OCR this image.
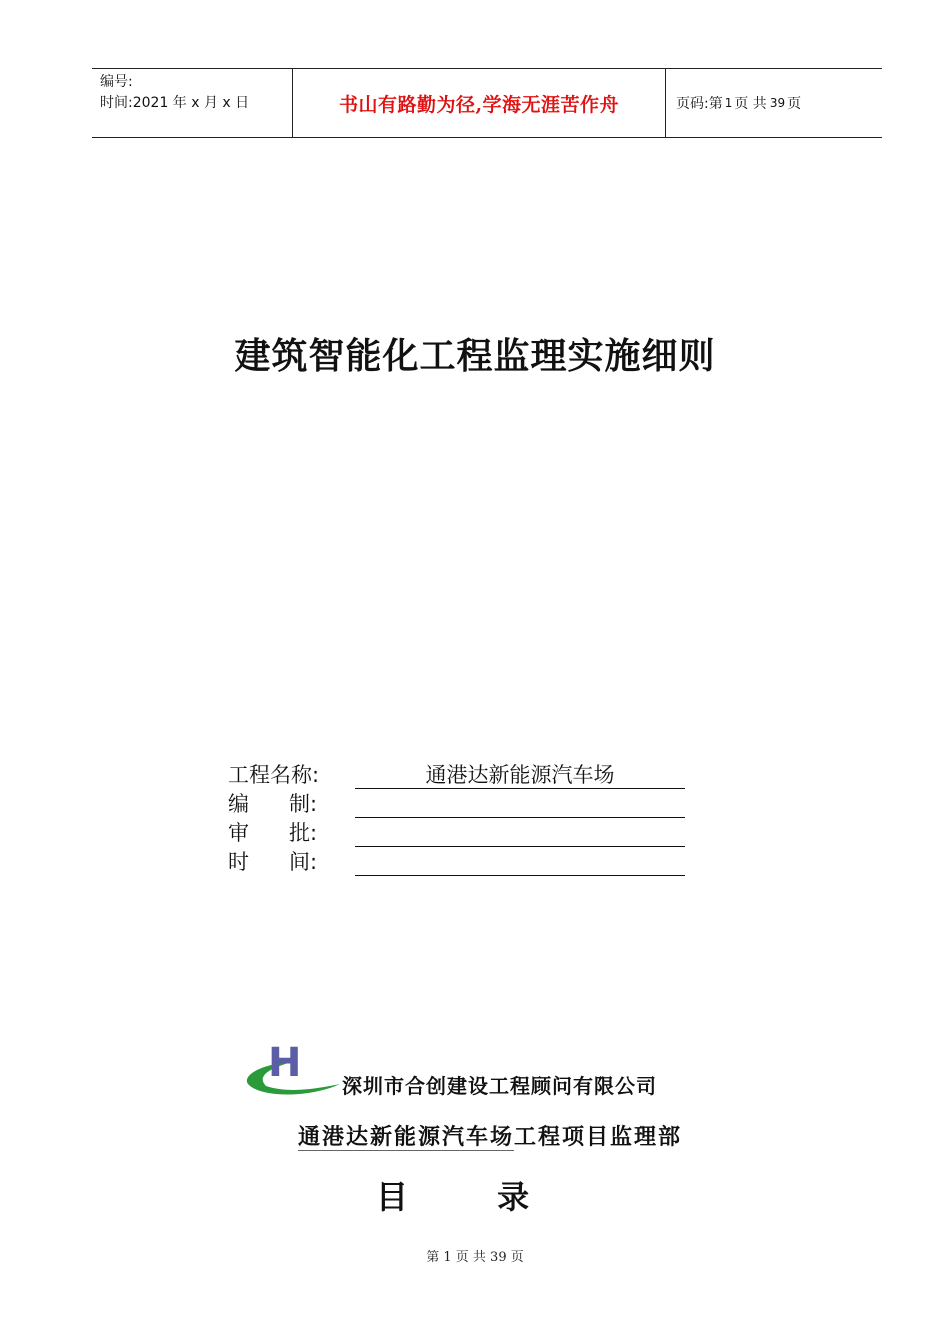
编号:
时间:2021 年 x 月 x 日	书山有路勤为径,学海无涯苦作舟	页码:第 1 页 共 39 页
建筑智能化工程监理实施细则
工程名称:	通港达新能源汽车场
编      制:
审      批:
时      间:
H 深圳市合创建设工程顾问有限公司
通港达新能源汽车场工程项目监理部
目        录
第 1 页 共 39 页
